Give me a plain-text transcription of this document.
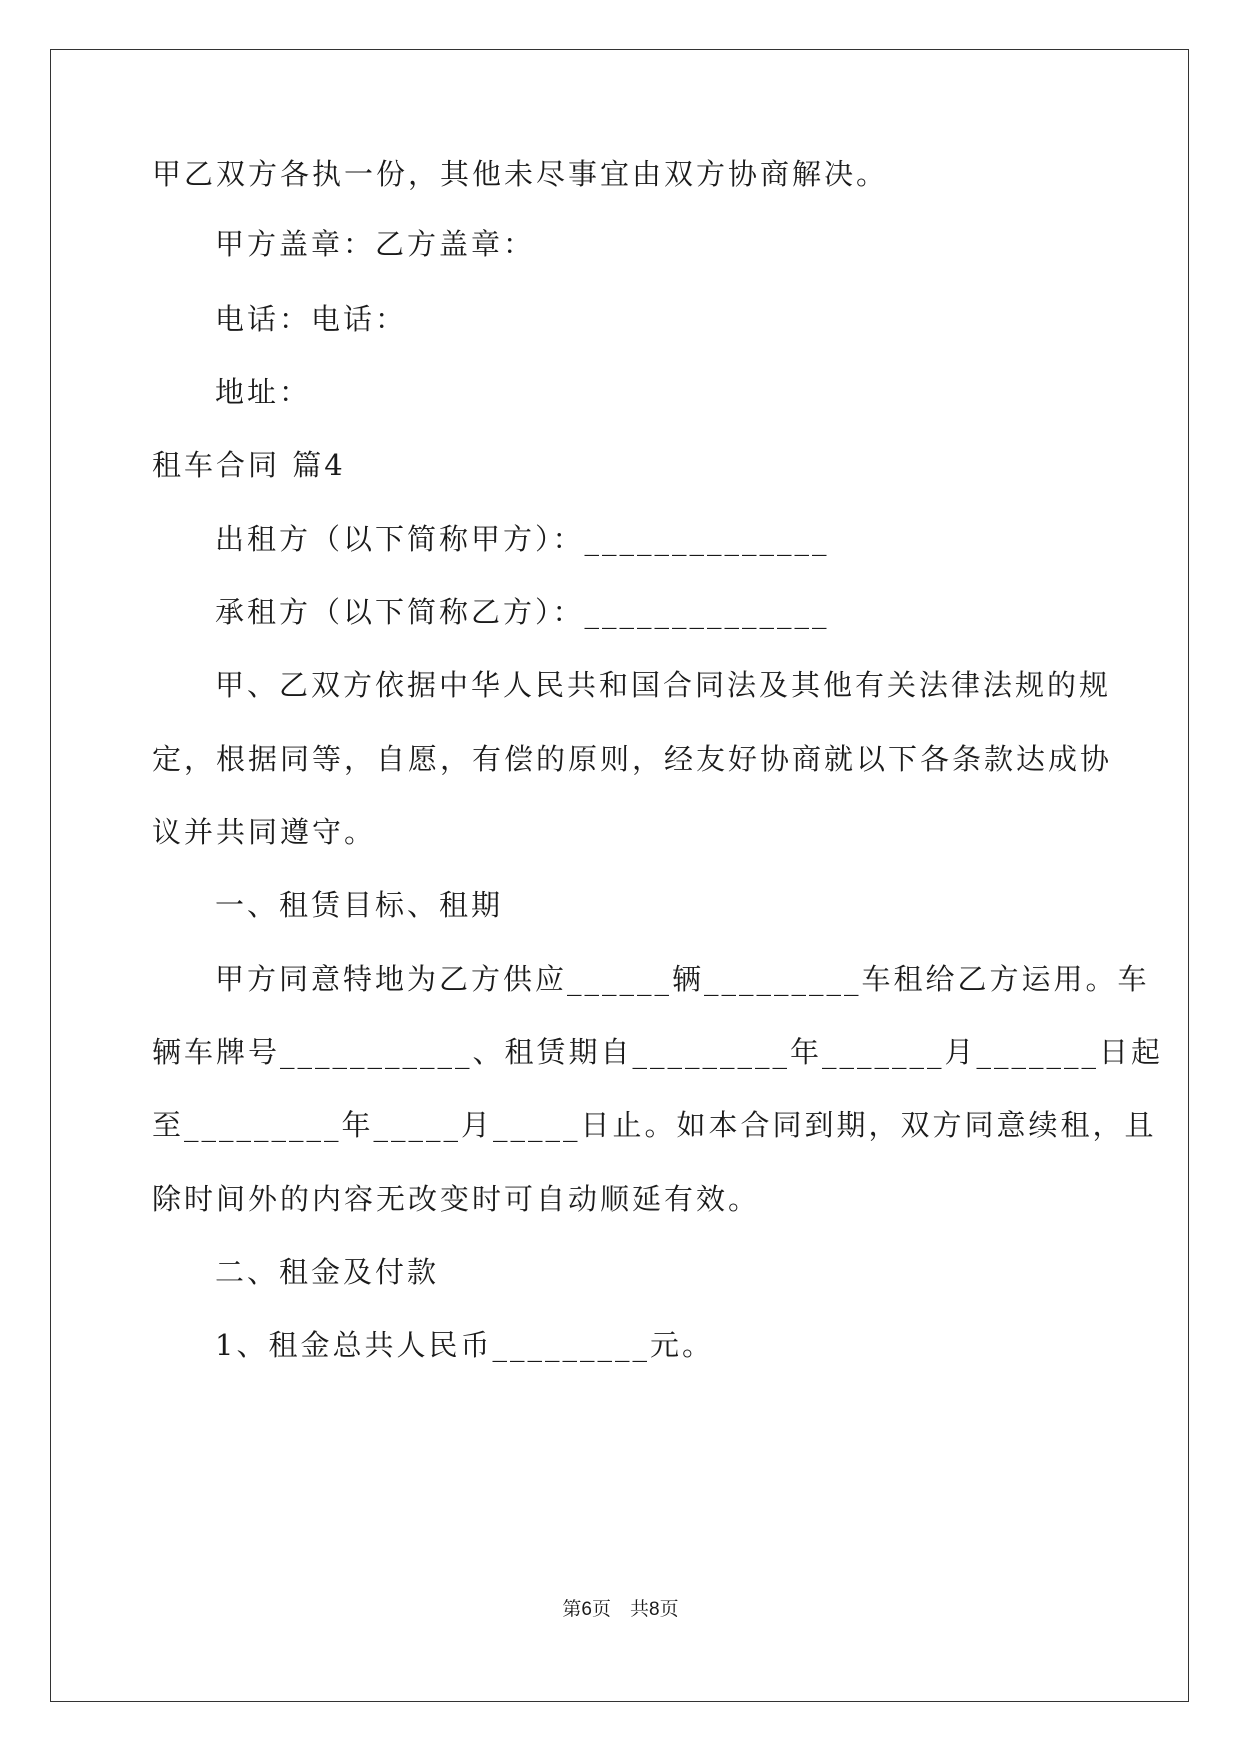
甲乙双方各执一份，其他未尽事宜由双方协商解决。
甲方盖章：乙方盖章：
电话：电话：
地址：
租车合同 篇4
出租方（以下简称甲方）：______________
承租方（以下简称乙方）：______________
甲、乙双方依据中华人民共和国合同法及其他有关法律法规的规
定，根据同等，自愿，有偿的原则，经友好协商就以下各条款达成协
议并共同遵守。
一、租赁目标、租期
甲方同意特地为乙方供应______辆_________车租给乙方运用。车
辆车牌号___________、租赁期自_________年_______月_______日起
至_________年_____月_____日止。如本合同到期，双方同意续租，且
除时间外的内容无改变时可自动顺延有效。
二、租金及付款
1、租金总共人民币_________元。
第6页　共8页
